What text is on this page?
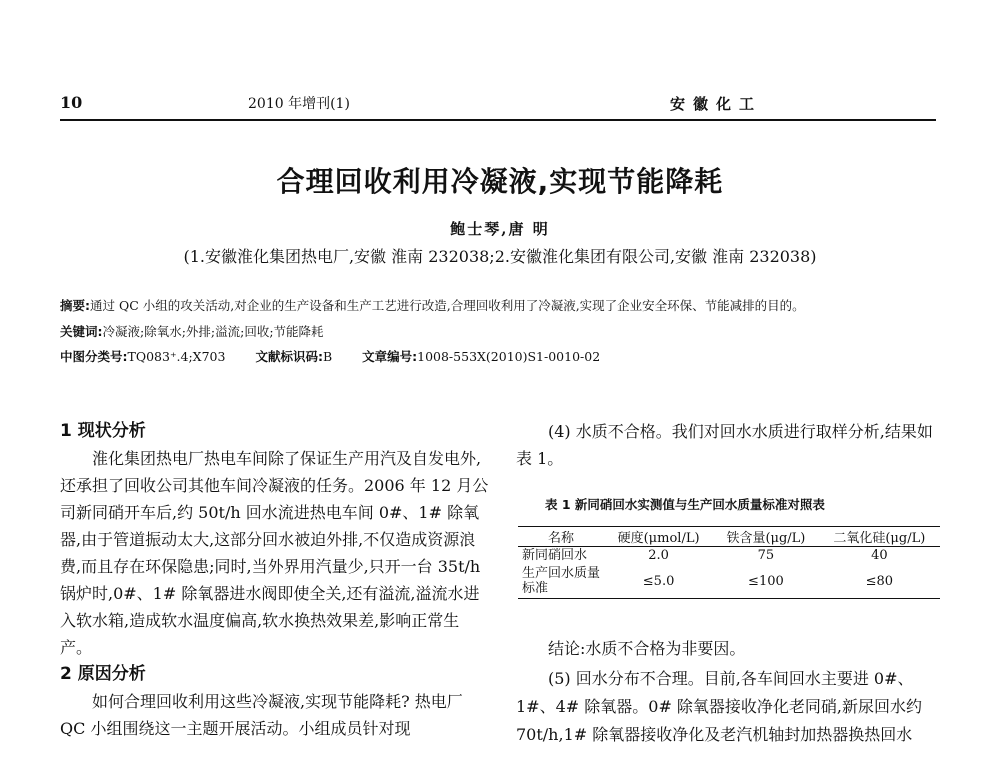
10	2010 年增刊(1)	安徽化工
合理回收利用冷凝液,实现节能降耗
鲍士琴,唐 明
(1.安徽淮化集团热电厂,安徽 淮南 232038;2.安徽淮化集团有限公司,安徽 淮南 232038)
摘要:通过 QC 小组的攻关活动,对企业的生产设备和生产工艺进行改造,合理回收利用了冷凝液,实现了企业安全环保、节能减排的目的。
关键词:冷凝液;除氧水;外排;溢流;回收;节能降耗
中图分类号:TQ083⁺.4;X703 文献标识码:B 文章编号:1008-553X(2010)S1-0010-02

1 现状分析

淮化集团热电厂热电车间除了保证生产用汽及自发电外,还承担了回收公司其他车间冷凝液的任务。2006 年 12 月公司新同硝开车后,约 50t/h 回水流进热电车间 0#、1# 除氧器,由于管道振动太大,这部分回水被迫外排,不仅造成资源浪费,而且存在环保隐患;同时,当外界用汽量少,只开一台 35t/h 锅炉时,0#、1# 除氧器进水阀即使全关,还有溢流,溢流水进入软水箱,造成软水温度偏高,软水换热效果差,影响正常生产。

2 原因分析

如何合理回收利用这些冷凝液,实现节能降耗? 热电厂 QC 小组围绕这一主题开展活动。小组成员针对现

(4) 水质不合格。我们对回水水质进行取样分析,结果如表 1。

表 1 新同硝回水实测值与生产回水质量标准对照表
名称	硬度(μmol/L)	铁含量(μg/L)	二氧化硅(μg/L)
新同硝回水	2.0	75	40
生产回水质量标准	≤5.0	≤100	≤80
结论:水质不合格为非要因。

(5) 回水分布不合理。目前,各车间回水主要进 0#、1#、4# 除氧器。0# 除氧器接收净化老同硝,新尿回水约 70t/h,1# 除氧器接收净化及老汽机轴封加热器换热回水
